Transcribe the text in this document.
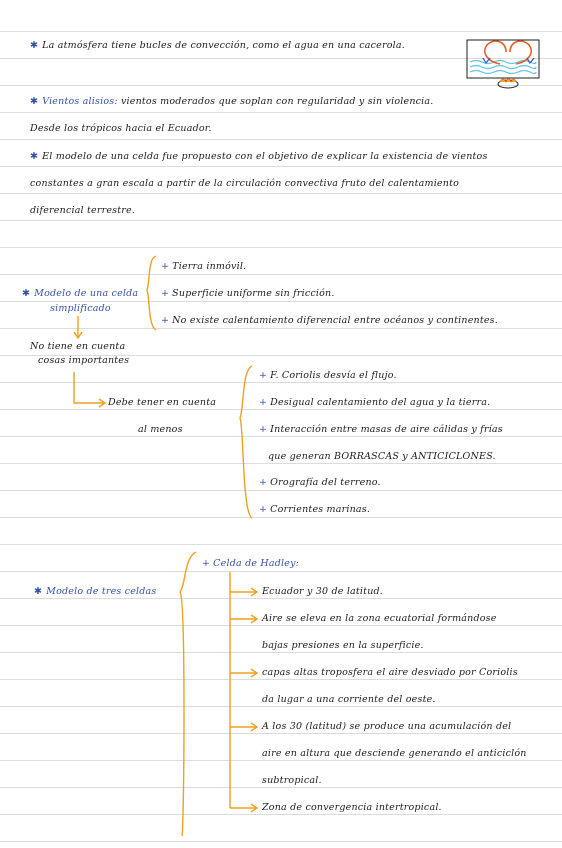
✱ La atmósfera tiene bucles de convección, como el agua en una cacerola.
✱ Vientos alisios: vientos moderados que soplan con regularidad y sin violencia.
Desde los trópicos hacia el Ecuador.
✱ El modelo de una celda fue propuesto con el objetivo de explicar la existencia de vientos
constantes a gran escala a partir de la circulación convectiva fruto del calentamiento
diferencial terrestre.
✱ Modelo de una celda
simplificado
+ Tierra inmóvil.
+ Superficie uniforme sin fricción.
+ No existe calentamiento diferencial entre océanos y continentes.
No tiene en cuenta
cosas importantes
Debe tener en cuenta
al menos
+ F. Coriolis desvía el flujo.
+ Desigual calentamiento del agua y la tierra.
+ Interacción entre masas de aire cálidas y frías
que generan BORRASCAS y ANTICICLONES.
+ Orografía del terreno.
+ Corrientes marinas.
✱ Modelo de tres celdas
+ Celda de Hadley:
Ecuador y 30 de latitud.
Aire se eleva en la zona ecuatorial formándose
bajas presiones en la superficie.
capas altas troposfera el aire desviado por Coriolis
da lugar a una corriente del oeste.
A los 30 (latitud) se produce una acumulación del
aire en altura que desciende generando el anticiclón
subtropical.
Zona de convergencia intertropical.
